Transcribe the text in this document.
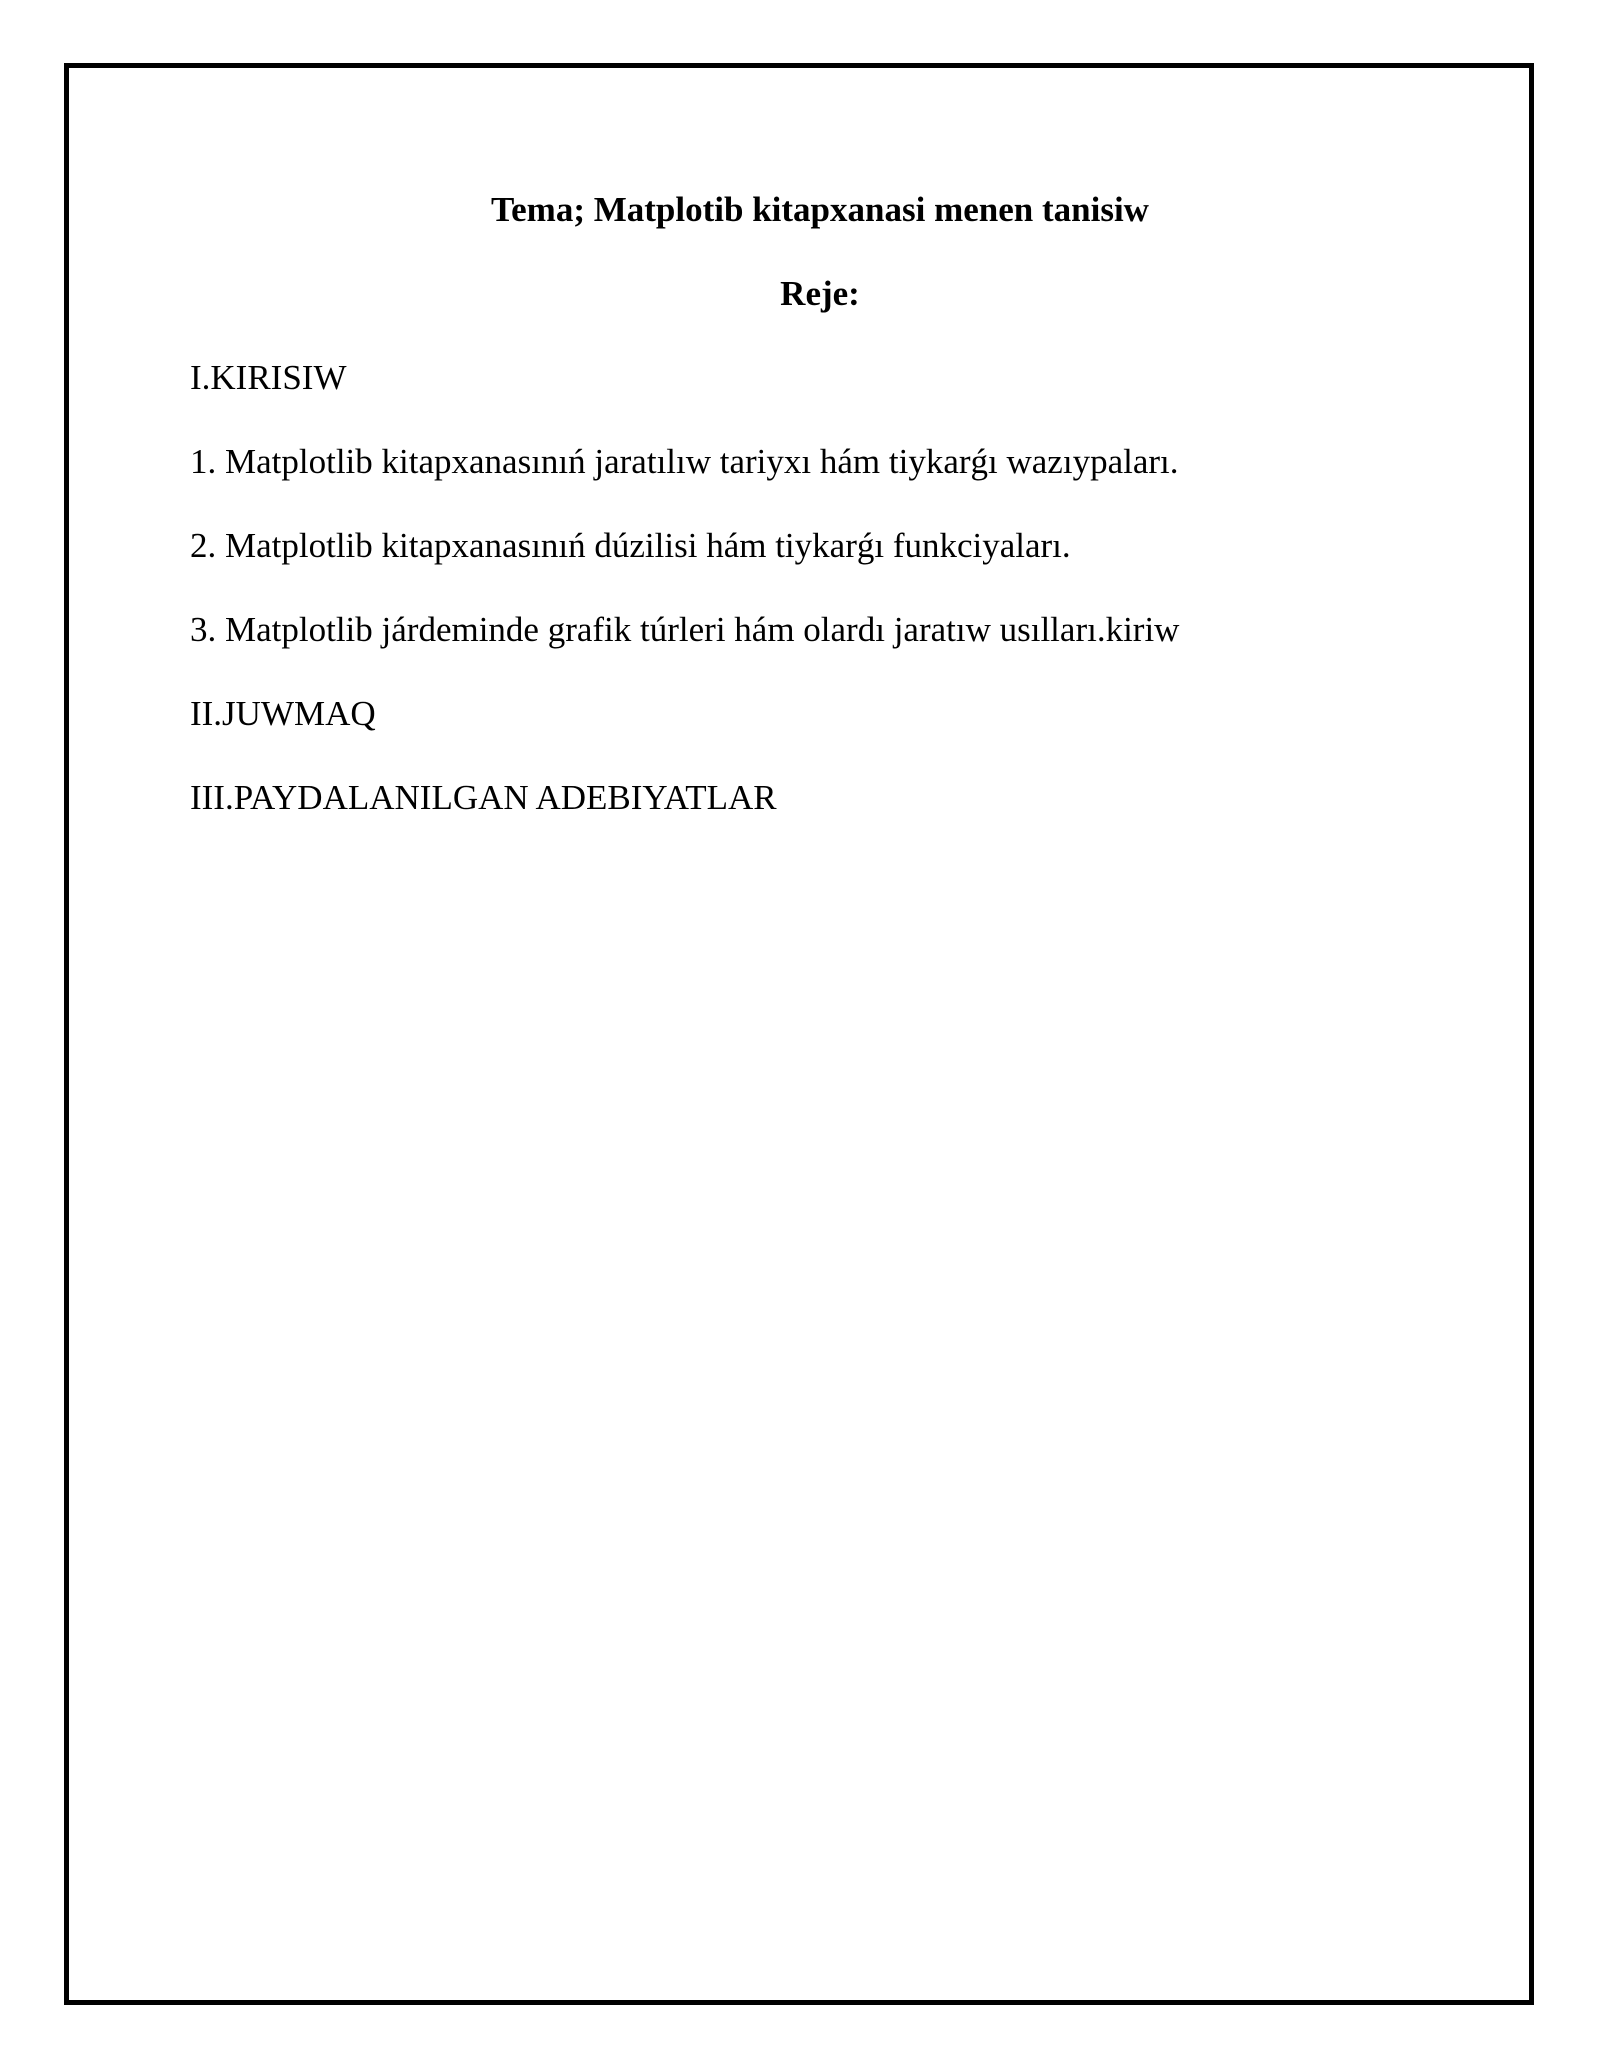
Tema; Matplotib kitapxanasi menen tanisiw
Reje:
I.KIRISIW
1. Matplotlib kitapxanasınıń jaratılıw tariyxı hám tiykarǵı wazıypaları.
2. Matplotlib kitapxanasınıń dúzilisi hám tiykarǵı funkciyaları.
3. Matplotlib járdeminde grafik túrleri hám olardı jaratıw usılları.kiriw
II.JUWMAQ
III.PAYDALANILGAN ADEBIYATLAR
